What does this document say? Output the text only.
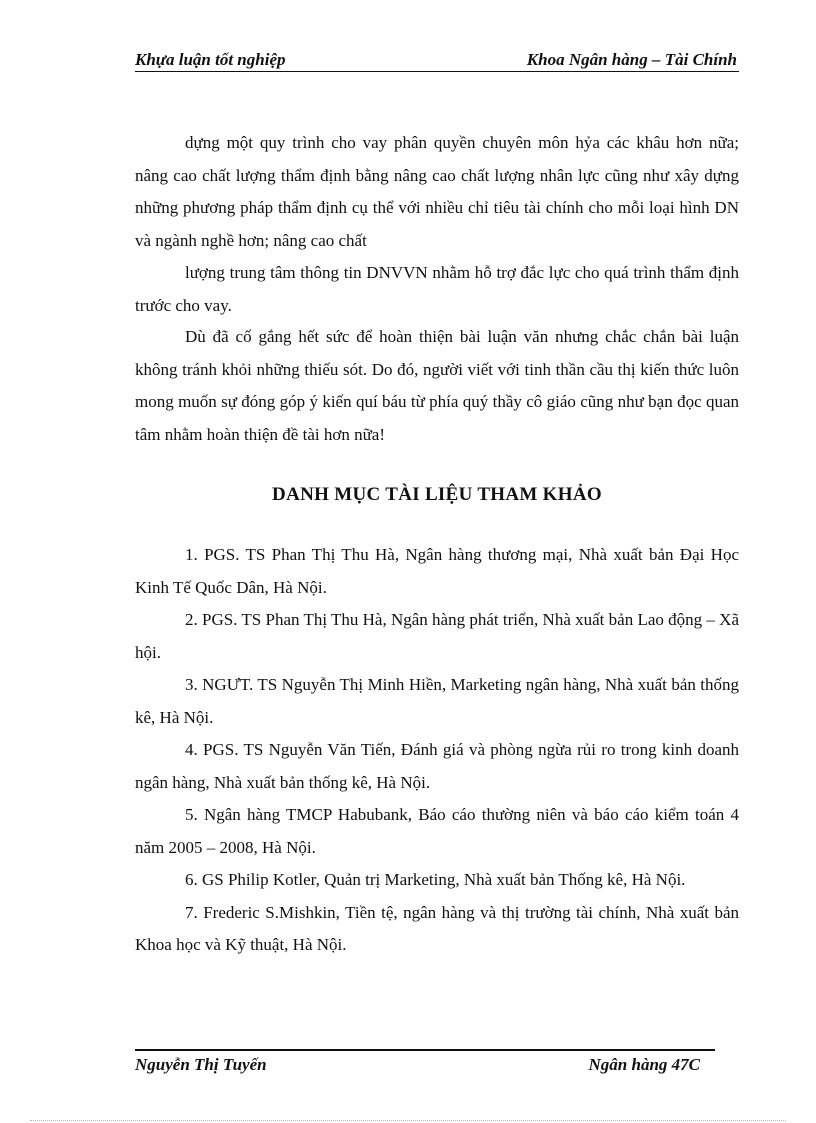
Khựa luận tốt nghiệp	Khoa Ngân hàng – Tài Chính

dựng một quy trình cho vay phân quyền chuyên môn hỷa các khâu hơn nữa; nâng cao chất lượng thẩm định bằng nâng cao chất lượng nhân lực cũng như xây dựng những phương pháp thẩm định cụ thể với nhiều chỉ tiêu tài chính cho mỗi loại hình DN và ngành nghề hơn; nâng cao chất

lượng trung tâm thông tin DNVVN nhằm hỗ trợ đắc lực cho quá trình thẩm định trước cho vay.

Dù đã cố gắng hết sức để hoàn thiện bài luận văn nhưng chắc chắn bài luận không tránh khỏi những thiếu sót. Do đó, người viết với tinh thần cầu thị kiến thức luôn mong muốn sự đóng góp ý kiến quí báu từ phía quý thầy cô giáo cũng như bạn đọc quan tâm nhằm hoàn thiện đề tài hơn nữa!

DANH MỤC TÀI LIỆU THAM KHẢO

1. PGS. TS Phan Thị Thu Hà, Ngân hàng thương mại, Nhà xuất bản Đại Học Kinh Tế Quốc Dân, Hà Nội.

2. PGS. TS Phan Thị Thu Hà, Ngân hàng phát triển, Nhà xuất bản Lao động – Xã hội.

3. NGƯT. TS Nguyễn Thị Minh Hiền, Marketing ngân hàng, Nhà xuất bản thống kê, Hà Nội.

4. PGS. TS Nguyễn Văn Tiến, Đánh giá và phòng ngừa rủi ro trong kinh doanh ngân hàng, Nhà xuất bản thống kê, Hà Nội.

5. Ngân hàng TMCP Habubank, Báo cáo thường niên và báo cáo kiểm toán 4 năm 2005 – 2008, Hà Nội.

6. GS Philip Kotler, Quản trị Marketing, Nhà xuất bản Thống kê, Hà Nội.

7. Frederic S.Mishkin, Tiền tệ, ngân hàng và thị trường tài chính, Nhà xuất bản Khoa học và Kỹ thuật, Hà Nội.

Nguyễn Thị Tuyến	Ngân hàng 47C
